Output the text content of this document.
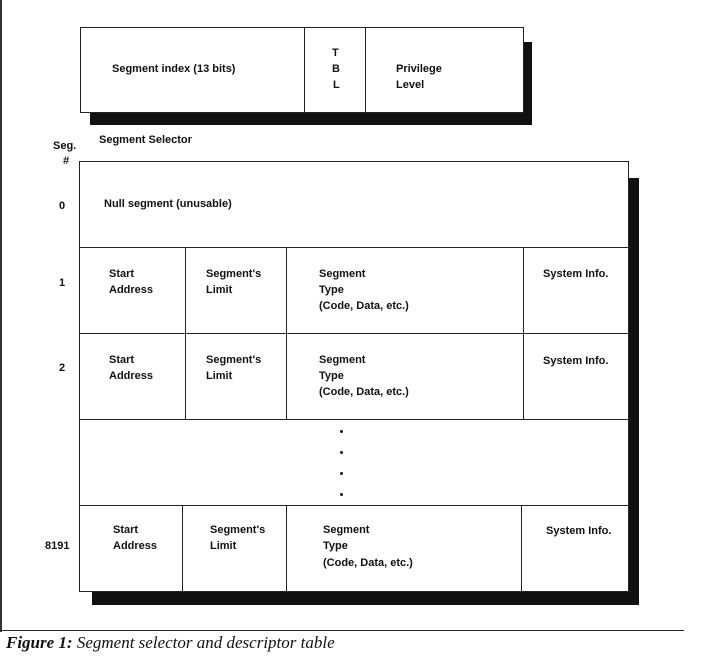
Segment index (13 bits)
T
B
L
Privilege
Level
Segment Selector
Seg.
#
0	Null segment (unusable)
1
Start
Address
Segment's
Limit
Segment
Type
(Code, Data, etc.)
System Info.
2
Start
Address
Segment's
Limit
Segment
Type
(Code, Data, etc.)
System Info.
8191
Start
Address
Segment's
Limit
Segment
Type
(Code, Data, etc.)
System Info.
Figure 1: Segment selector and descriptor table
